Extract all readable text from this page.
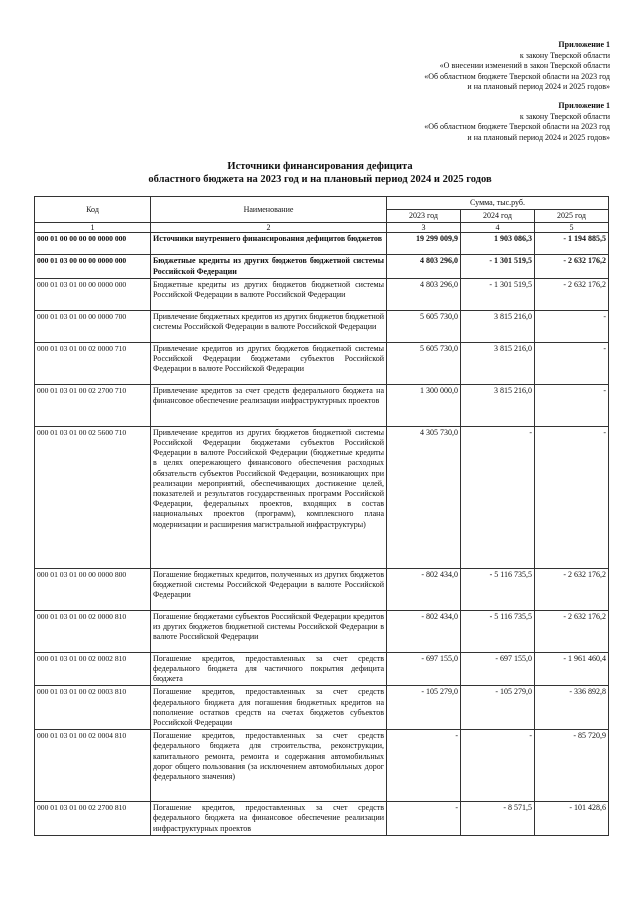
Приложение 1
к закону Тверской области
«О внесении изменений в закон Тверской области
«Об областном бюджете Тверской области на 2023 год
и на плановый период 2024 и 2025 годов»
Приложение 1
к закону Тверской области
«Об областном бюджете Тверской области на 2023 год
и на плановый период 2024 и 2025 годов»
Источники финансирования дефицита
областного бюджета на 2023 год и на плановый период 2024 и 2025 годов
Код	Наименование	Сумма, тыс.руб.		
		2023 год	2024 год	2025 год
1	2	3	4	5
000 01 00 00 00 00 0000 000	Источники внутреннего финансирования дефицитов бюджетов	19 299 009,9	1 903 086,3	- 1 194 885,5
000 01 03 00 00 00 0000 000	Бюджетные кредиты из других бюджетов бюджетной системы Российской Федерации	4 803 296,0	- 1 301 519,5	- 2 632 176,2
000 01 03 01 00 00 0000 000	Бюджетные кредиты из других бюджетов бюджетной системы Российской Федерации в валюте Российской Федерации	4 803 296,0	- 1 301 519,5	- 2 632 176,2
000 01 03 01 00 00 0000 700	Привлечение бюджетных кредитов из других бюджетов бюджетной системы Российской Федерации в валюте Российской Федерации	5 605 730,0	3 815 216,0	-
000 01 03 01 00 02 0000 710	Привлечение кредитов из других бюджетов бюджетной системы Российской Федерации бюджетами субъектов Российской Федерации в валюте Российской Федерации	5 605 730,0	3 815 216,0	-
000 01 03 01 00 02 2700 710	Привлечение кредитов за счет средств федерального бюджета на финансовое обеспечение реализации инфраструктурных проектов	1 300 000,0	3 815 216,0	-
000 01 03 01 00 02 5600 710	Привлечение кредитов из других бюджетов бюджетной системы Российской Федерации бюджетами субъектов Российской Федерации в валюте Российской Федерации (бюджетные кредиты в целях опережающего финансового обеспечения расходных обязательств субъектов Российской Федерации, возникающих при реализации мероприятий, обеспечивающих достижение целей, показателей и результатов государственных программ Российской Федерации, федеральных проектов, входящих в состав национальных проектов (программ), комплексного плана модернизации и расширения магистральной инфраструктуры)	4 305 730,0	-	-
000 01 03 01 00 00 0000 800	Погашение бюджетных кредитов, полученных из других бюджетов бюджетной системы Российской Федерации в валюте Российской Федерации	- 802 434,0	- 5 116 735,5	- 2 632 176,2
000 01 03 01 00 02 0000 810	Погашение бюджетами субъектов Российской Федерации кредитов из других бюджетов бюджетной системы Российской Федерации в валюте Российской Федерации	- 802 434,0	- 5 116 735,5	- 2 632 176,2
000 01 03 01 00 02 0002 810	Погашение кредитов, предоставленных за счет средств федерального бюджета для частичного покрытия дефицита бюджета	- 697 155,0	- 697 155,0	- 1 961 460,4
000 01 03 01 00 02 0003 810	Погашение кредитов, предоставленных за счет средств федерального бюджета для погашения бюджетных кредитов на пополнение остатков средств на счетах бюджетов субъектов Российской Федерации	- 105 279,0	- 105 279,0	- 336 892,8
000 01 03 01 00 02 0004 810	Погашение кредитов, предоставленных за счет средств федерального бюджета для строительства, реконструкции, капитального ремонта, ремонта и содержания автомобильных дорог общего пользования (за исключением автомобильных дорог федерального значения)	-	-	- 85 720,9
000 01 03 01 00 02 2700 810	Погашение кредитов, предоставленных за счет средств федерального бюджета на финансовое обеспечение реализации инфраструктурных проектов	-	- 8 571,5	- 101 428,6
